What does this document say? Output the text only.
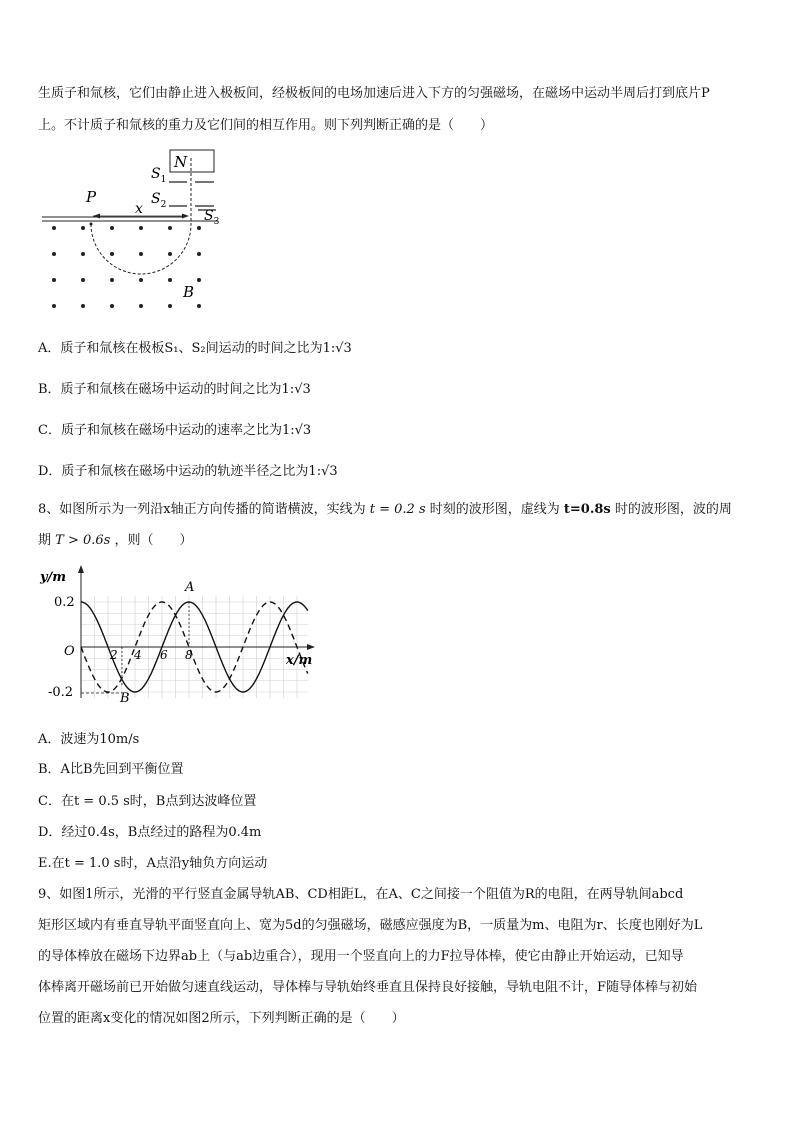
生质子和氚核，它们由静止进入极板间，经极板间的电场加速后进入下方的匀强磁场，在磁场中运动半周后打到底片P
上。不计质子和氚核的重力及它们间的相互作用。则下列判断正确的是（　　）
N
$S_1$
$S_2$
$S_3$
P
x
B
A．质子和氚核在极板S₁、S₂间运动的时间之比为1:√3
B．质子和氚核在磁场中运动的时间之比为1:√3
C．质子和氚核在磁场中运动的速率之比为1:√3
D．质子和氚核在磁场中运动的轨迹半径之比为1:√3
8、如图所示为一列沿x轴正方向传播的简谐横波，实线为 t = 0.2 s 时刻的波形图，虚线为 t=0.8s 时的波形图，波的周
期 T > 0.6s ，则（　　）
y/m
x/m
O
0.2
-0.2
2 4 6 8
A
B
A．波速为10m/s
B．A比B先回到平衡位置
C．在t = 0.5 s时，B点到达波峰位置
D．经过0.4s，B点经过的路程为0.4m
E.在t = 1.0 s时，A点沿y轴负方向运动
9、如图1所示，光滑的平行竖直金属导轨AB、CD相距L，在A、C之间接一个阻值为R的电阻，在两导轨间abcd
矩形区域内有垂直导轨平面竖直向上、宽为5d的匀强磁场，磁感应强度为B，一质量为m、电阻为r、长度也刚好为L
的导体棒放在磁场下边界ab上（与ab边重合），现用一个竖直向上的力F拉导体棒，使它由静止开始运动，已知导
体棒离开磁场前已开始做匀速直线运动，导体棒与导轨始终垂直且保持良好接触，导轨电阻不计，F随导体棒与初始
位置的距离x变化的情况如图2所示，下列判断正确的是（　　）
